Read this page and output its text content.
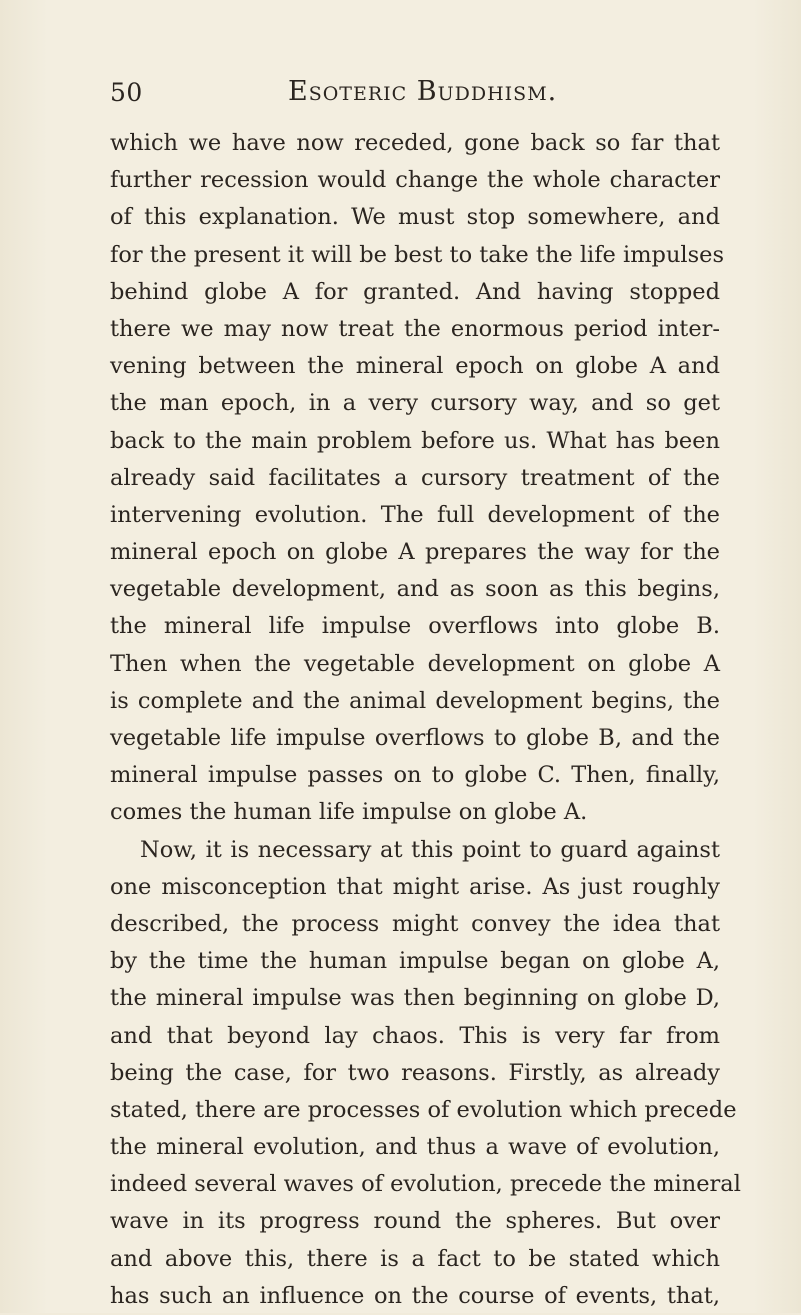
50	Esoteric Buddhism.
which we have now receded, gone back so far that
further recession would change the whole character
of this explanation. We must stop somewhere, and
for the present it will be best to take the life impulses
behind globe A for granted. And having stopped
there we may now treat the enormous period inter-
vening between the mineral epoch on globe A and
the man epoch, in a very cursory way, and so get
back to the main problem before us. What has been
already said facilitates a cursory treatment of the
intervening evolution. The full development of the
mineral epoch on globe A prepares the way for the
vegetable development, and as soon as this begins,
the mineral life impulse overflows into globe B.
Then when the vegetable development on globe A
is complete and the animal development begins, the
vegetable life impulse overflows to globe B, and the
mineral impulse passes on to globe C. Then, finally,
comes the human life impulse on globe A.
Now, it is necessary at this point to guard against
one misconception that might arise. As just roughly
described, the process might convey the idea that
by the time the human impulse began on globe A,
the mineral impulse was then beginning on globe D,
and that beyond lay chaos. This is very far from
being the case, for two reasons. Firstly, as already
stated, there are processes of evolution which precede
the mineral evolution, and thus a wave of evolution,
indeed several waves of evolution, precede the mineral
wave in its progress round the spheres. But over
and above this, there is a fact to be stated which
has such an influence on the course of events, that,
